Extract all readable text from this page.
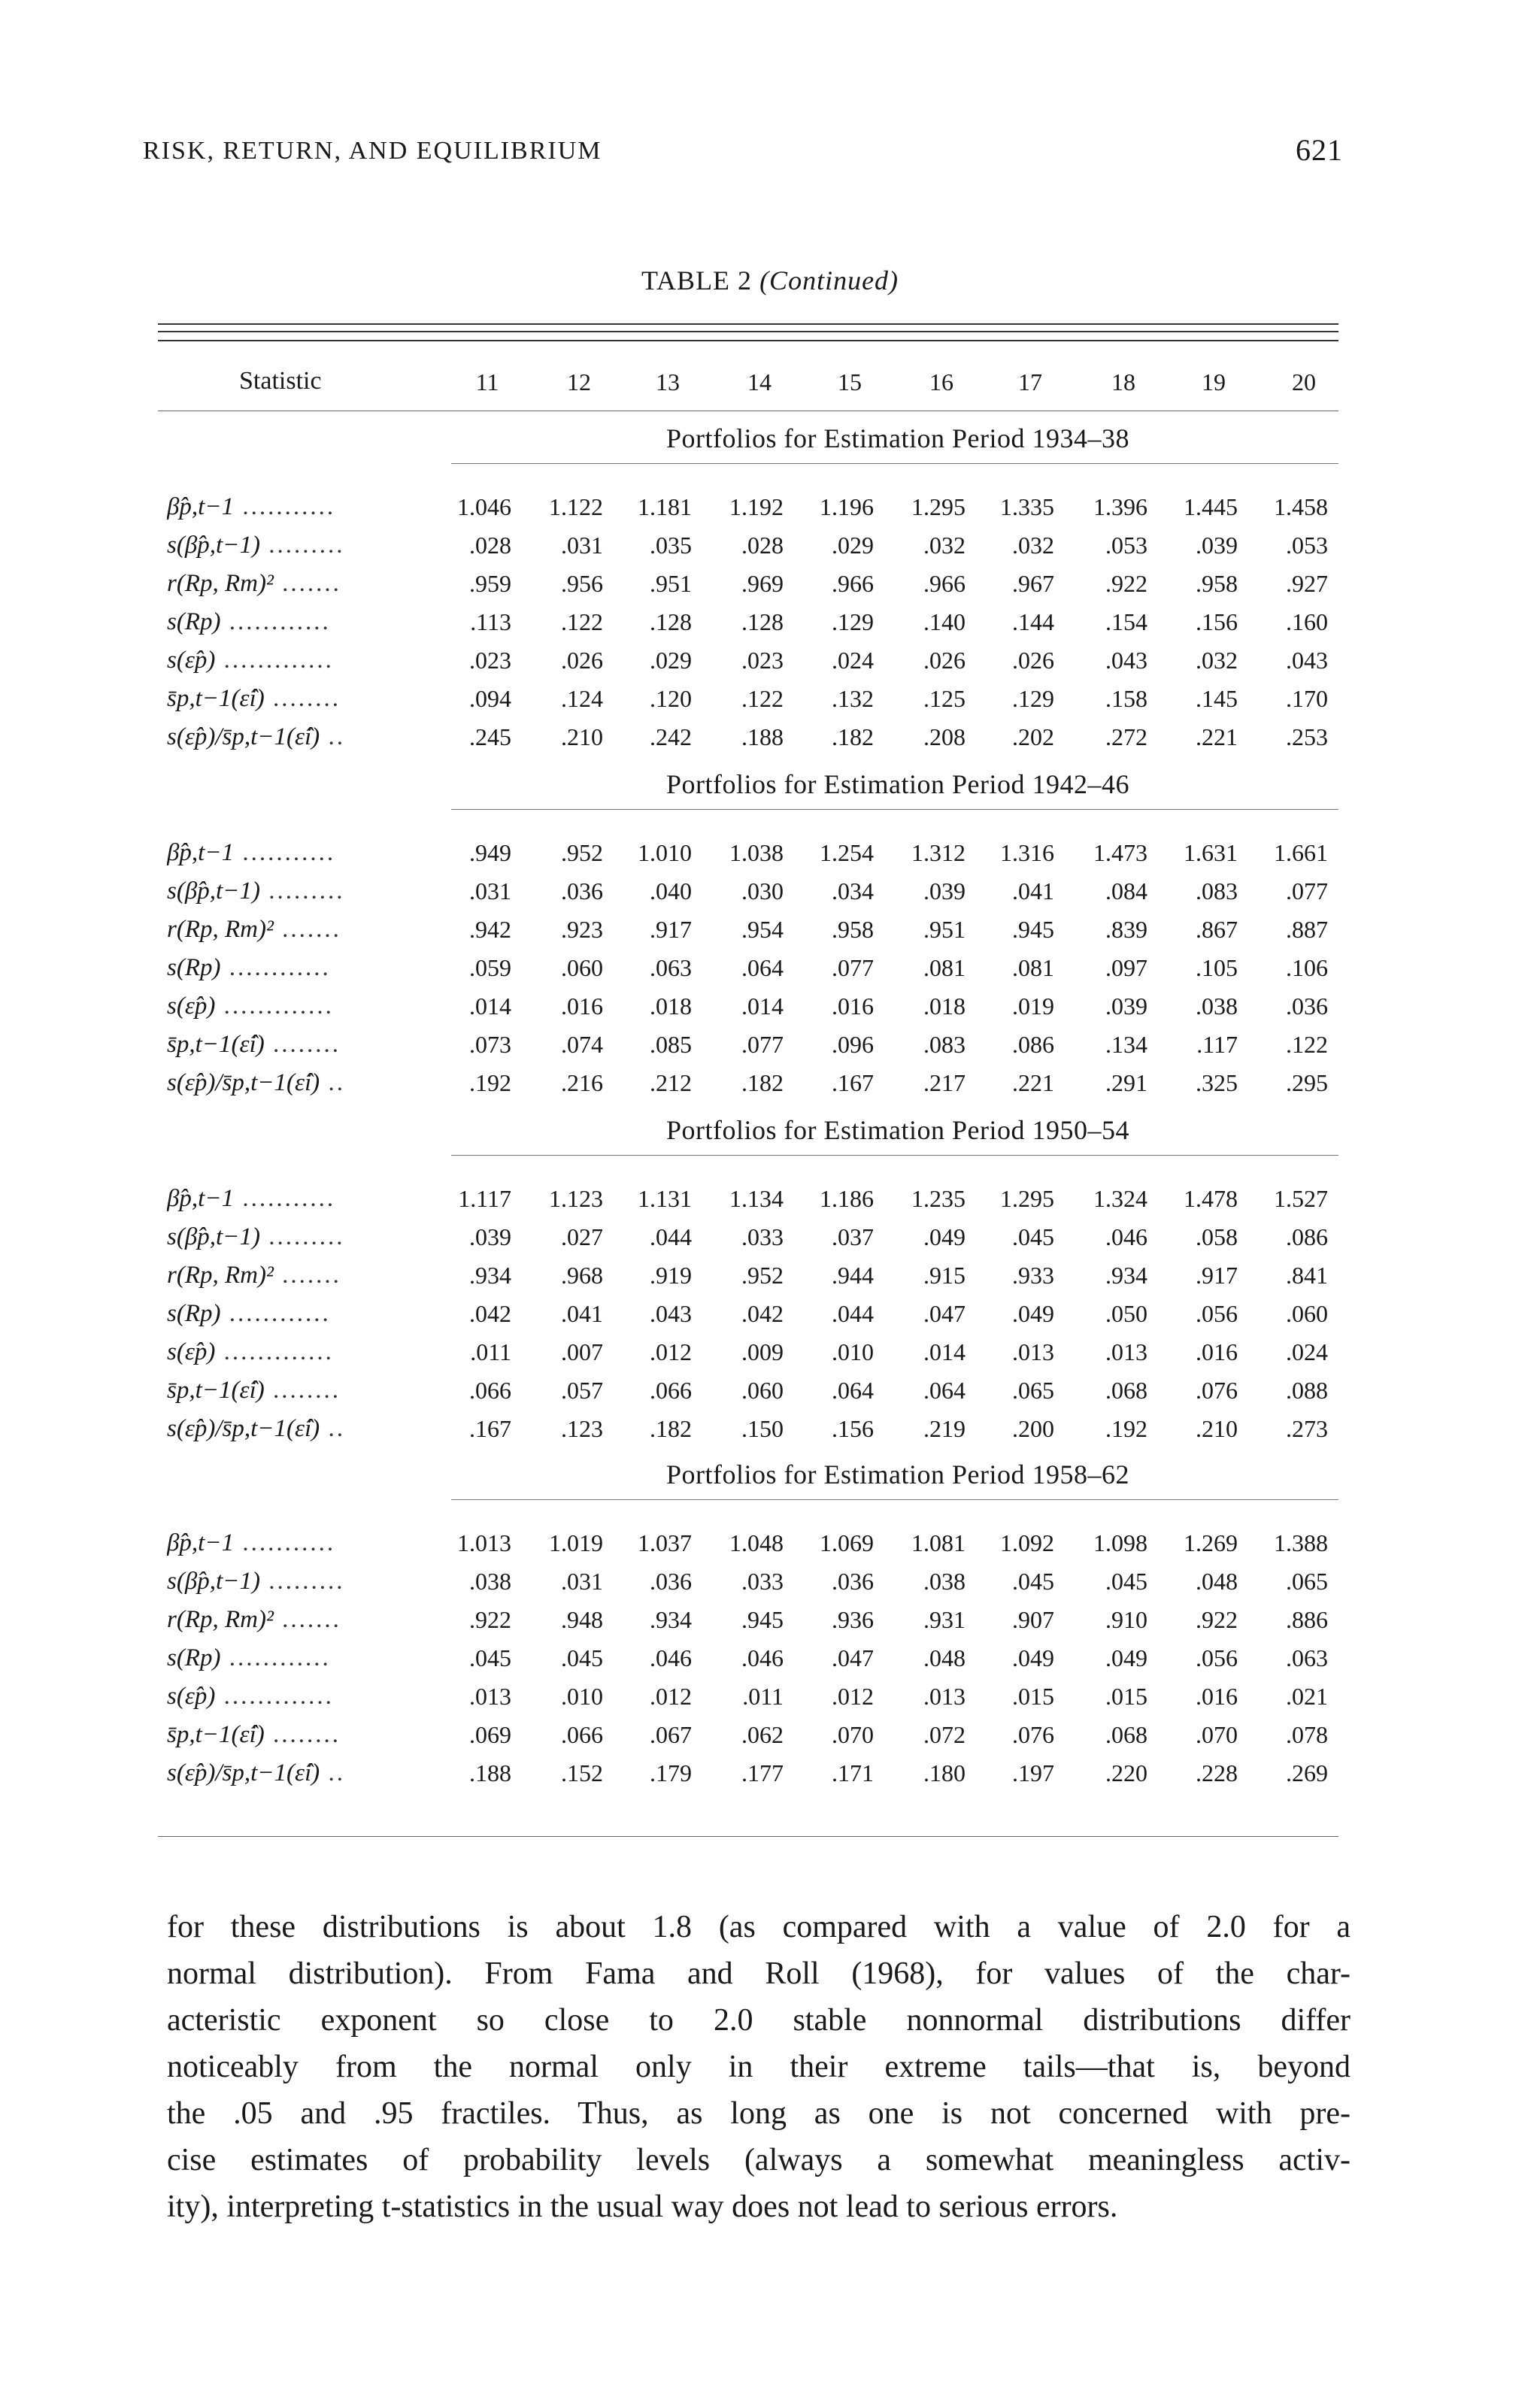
RISK, RETURN, AND EQUILIBRIUM	621
TABLE 2 (Continued)
Statistic	11	12	13	14	15	16	17	18	19	20
Portfolios for Estimation Period 1934–38
β̂p,t−1 ...........	1.046	1.122	1.181	1.192	1.196	1.295	1.335	1.396	1.445	1.458
s(β̂p,t−1) .........	.028	.031	.035	.028	.029	.032	.032	.053	.039	.053
r(Rp, Rm)² .......	.959	.956	.951	.969	.966	.966	.967	.922	.958	.927
s(Rp) ............	.113	.122	.128	.128	.129	.140	.144	.154	.156	.160
s(ε̂p) .............	.023	.026	.029	.023	.024	.026	.026	.043	.032	.043
s̄p,t−1(ε̂i) ........	.094	.124	.120	.122	.132	.125	.129	.158	.145	.170
s(ε̂p)/s̄p,t−1(ε̂i) ..	.245	.210	.242	.188	.182	.208	.202	.272	.221	.253
Portfolios for Estimation Period 1942–46
β̂p,t−1 ...........	.949	.952	1.010	1.038	1.254	1.312	1.316	1.473	1.631	1.661
s(β̂p,t−1) .........	.031	.036	.040	.030	.034	.039	.041	.084	.083	.077
r(Rp, Rm)² .......	.942	.923	.917	.954	.958	.951	.945	.839	.867	.887
s(Rp) ............	.059	.060	.063	.064	.077	.081	.081	.097	.105	.106
s(ε̂p) .............	.014	.016	.018	.014	.016	.018	.019	.039	.038	.036
s̄p,t−1(ε̂i) ........	.073	.074	.085	.077	.096	.083	.086	.134	.117	.122
s(ε̂p)/s̄p,t−1(ε̂i) ..	.192	.216	.212	.182	.167	.217	.221	.291	.325	.295
Portfolios for Estimation Period 1950–54
β̂p,t−1 ...........	1.117	1.123	1.131	1.134	1.186	1.235	1.295	1.324	1.478	1.527
s(β̂p,t−1) .........	.039	.027	.044	.033	.037	.049	.045	.046	.058	.086
r(Rp, Rm)² .......	.934	.968	.919	.952	.944	.915	.933	.934	.917	.841
s(Rp) ............	.042	.041	.043	.042	.044	.047	.049	.050	.056	.060
s(ε̂p) .............	.011	.007	.012	.009	.010	.014	.013	.013	.016	.024
s̄p,t−1(ε̂i) ........	.066	.057	.066	.060	.064	.064	.065	.068	.076	.088
s(ε̂p)/s̄p,t−1(ε̂i) ..	.167	.123	.182	.150	.156	.219	.200	.192	.210	.273
Portfolios for Estimation Period 1958–62
β̂p,t−1 ...........	1.013	1.019	1.037	1.048	1.069	1.081	1.092	1.098	1.269	1.388
s(β̂p,t−1) .........	.038	.031	.036	.033	.036	.038	.045	.045	.048	.065
r(Rp, Rm)² .......	.922	.948	.934	.945	.936	.931	.907	.910	.922	.886
s(Rp) ............	.045	.045	.046	.046	.047	.048	.049	.049	.056	.063
s(ε̂p) .............	.013	.010	.012	.011	.012	.013	.015	.015	.016	.021
s̄p,t−1(ε̂i) ........	.069	.066	.067	.062	.070	.072	.076	.068	.070	.078
s(ε̂p)/s̄p,t−1(ε̂i) ..	.188	.152	.179	.177	.171	.180	.197	.220	.228	.269
for these distributions is about 1.8 (as compared with a value of 2.0 for a
normal distribution). From Fama and Roll (1968), for values of the char-
acteristic exponent so close to 2.0 stable nonnormal distributions differ
noticeably from the normal only in their extreme tails—that is, beyond
the .05 and .95 fractiles. Thus, as long as one is not concerned with pre-
cise estimates of probability levels (always a somewhat meaningless activ-
ity), interpreting t-statistics in the usual way does not lead to serious errors.
